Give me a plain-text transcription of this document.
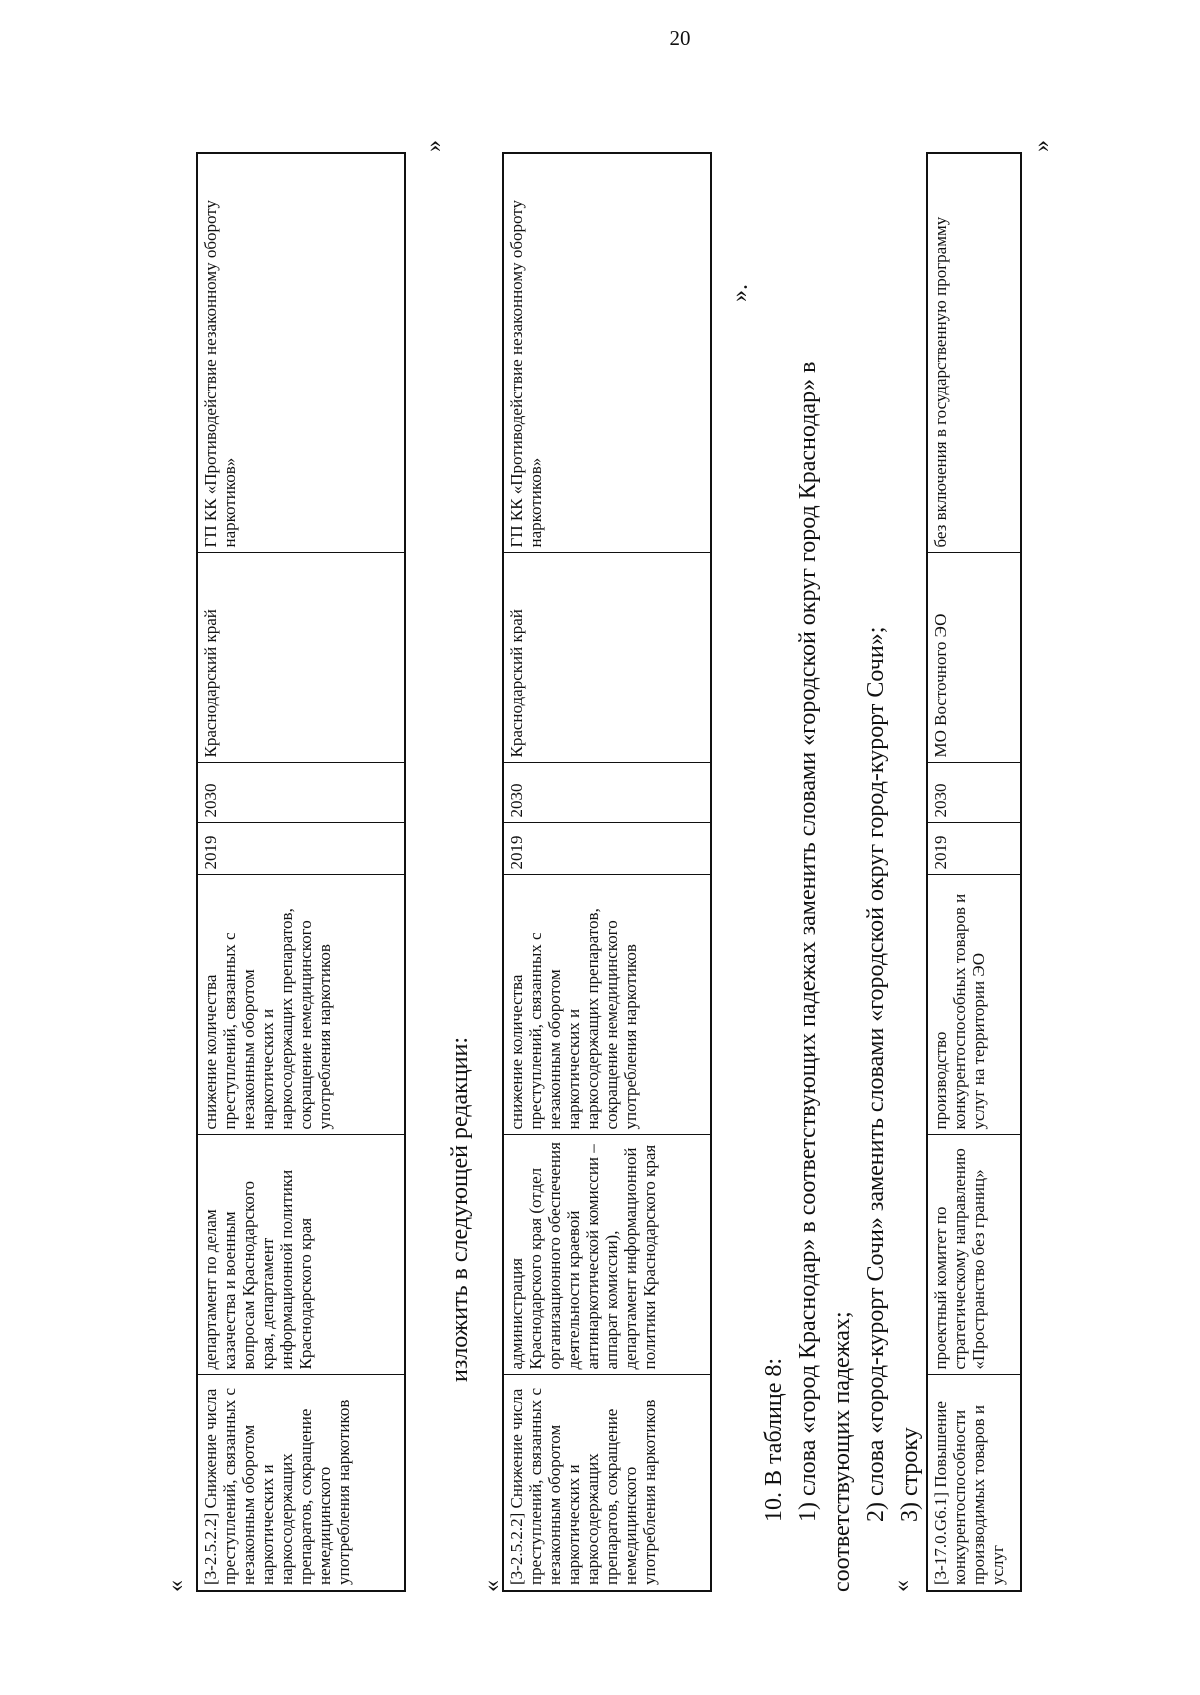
20
«
[3-2.5.2.2] Снижение числа преступлений, связанных с незаконным оборотом наркотических и наркосодержащих препаратов, сокращение немедицинского употребления наркотиков	департамент по делам казачества и военным вопросам Краснодарского края, департамент информационной политики Краснодарского края	снижение количества преступлений, связанных с незаконным оборотом наркотических и наркосодержащих препаратов, сокращение немедицинского употребления наркотиков	2019	2030	Краснодарский край	ГП КК «Противодействие незаконному обороту наркотиков»
»
изложить в следующей редакции:
«
[3-2.5.2.2] Снижение числа преступлений, связанных с незаконным оборотом наркотических и наркосодержащих препаратов, сокращение немедицинского употребления наркотиков	администрация Краснодарского края (отдел организационного обеспечения деятельности краевой антинаркотической комиссии – аппарат комиссии), департамент информационной политики Краснодарского края	снижение количества преступлений, связанных с незаконным оборотом наркотических и наркосодержащих препаратов, сокращение немедицинского употребления наркотиков	2019	2030	Краснодарский край	ГП КК «Противодействие незаконному обороту наркотиков»
».
10. В таблице 8: 1) слова «город Краснодар» в соответствующих падежах заменить словами «городской округ город Краснодар» в соответствующих падежах; 2) слова «город-курорт Сочи» заменить словами «городской округ город-курорт Сочи»; 3) строку
«
[3-17.0.G6.1] Повышение конкурентоспособности производимых товаров и услуг	проектный комитет по стратегическому направлению «Пространство без границ»	производство конкурентоспособных товаров и услуг на территории ЭО	2019	2030	МО Восточного ЭО	без включения в государственную программу
»
